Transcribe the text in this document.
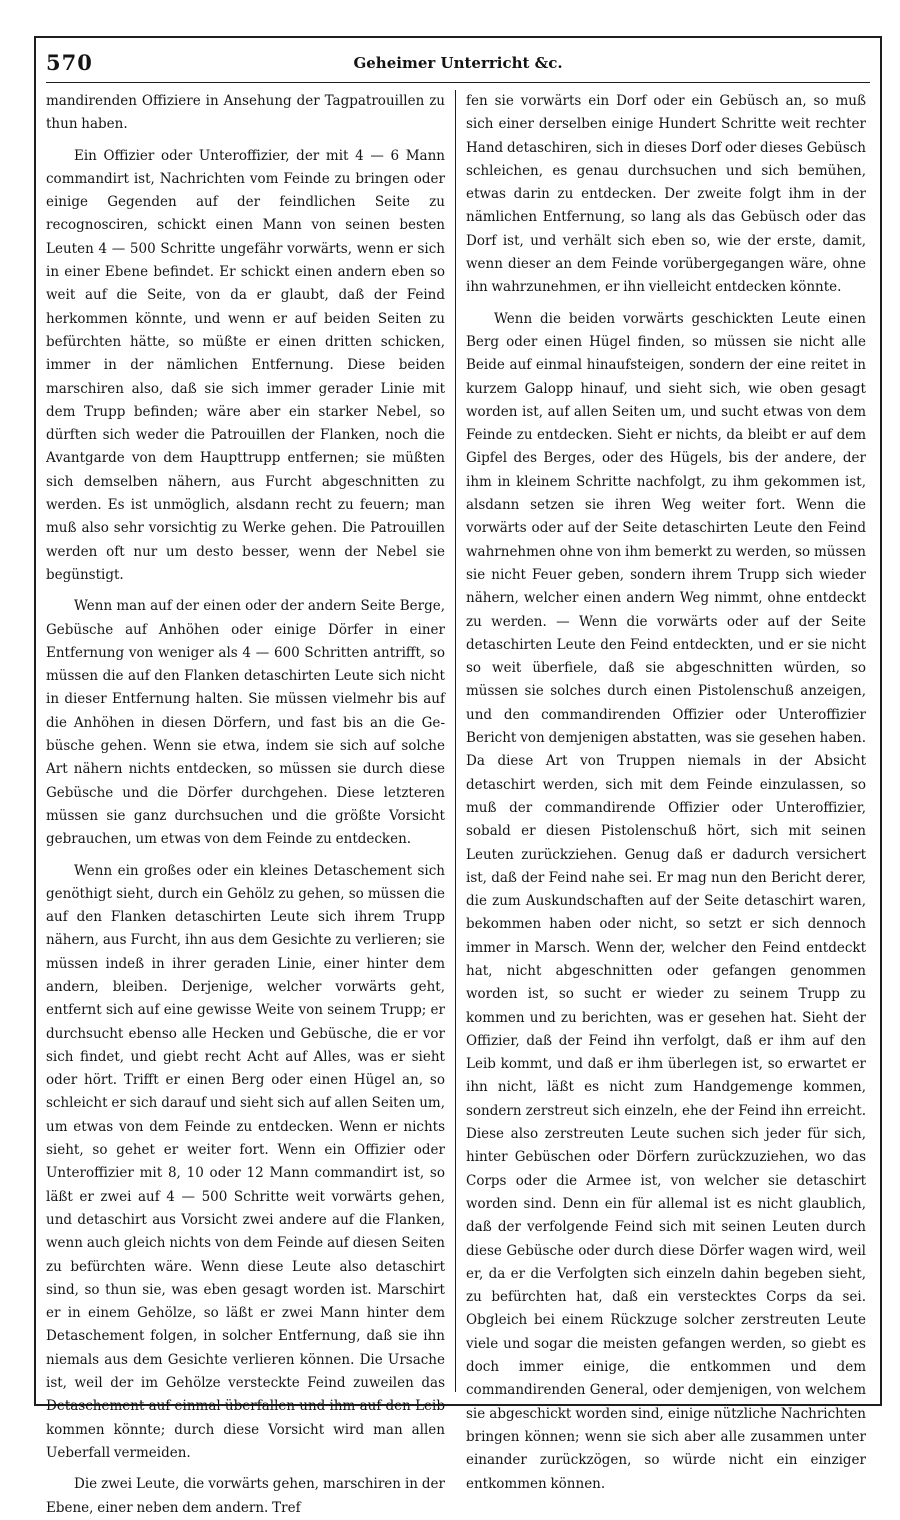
570	Geheimer Unterricht &c.

mandirenden Offiziere in Ansehung der Tagpatrouillen zu thun haben.

Ein Offizier oder Unteroffizier, der mit 4 — 6 Mann commandirt ist, Nachrichten vom Feinde zu bringen oder einige Gegenden auf der feindlichen Seite zu recognosciren, schickt einen Mann von seinen besten Leuten 4 — 500 Schritte ungefähr vorwärts, wenn er sich in einer Ebene befindet. Er schickt einen andern eben so weit auf die Seite, von da er glaubt, daß der Feind herkommen könnte, und wenn er auf beiden Seiten zu befürchten hätte, so müßte er einen dritten schicken, immer in der nämlichen Entfernung. Diese beiden marschiren also, daß sie sich immer gerader Linie mit dem Trupp befinden; wäre aber ein starker Nebel, so dürften sich weder die Patrouillen der Flanken, noch die Avantgarde von dem Haupttrupp entfernen; sie müßten sich demselben nähern, aus Furcht abgeschnitten zu werden. Es ist unmöglich, alsdann recht zu feuern; man muß also sehr vorsichtig zu Werke gehen. Die Patrouillen werden oft nur um desto besser, wenn der Nebel sie begünstigt.

Wenn man auf der einen oder der andern Seite Berge, Gebüsche auf Anhöhen oder einige Dörfer in einer Entfernung von weniger als 4 — 600 Schritten antrifft, so müssen die auf den Flanken detaschirten Leute sich nicht in dieser Entfernung halten. Sie müssen vielmehr bis auf die Anhöhen in diesen Dörfern, und fast bis an die Gebüsche gehen. Wenn sie etwa, indem sie sich auf solche Art nähern nichts entdecken, so müssen sie durch diese Gebüsche und die Dörfer durchgehen. Diese letzteren müssen sie ganz durchsuchen und die größte Vorsicht gebrauchen, um etwas von dem Feinde zu entdecken.

Wenn ein großes oder ein kleines Detaschement sich genöthigt sieht, durch ein Gehölz zu gehen, so müssen die auf den Flanken detaschirten Leute sich ihrem Trupp nähern, aus Furcht, ihn aus dem Gesichte zu verlieren; sie müssen indeß in ihrer geraden Linie, einer hinter dem andern, bleiben. Derjenige, welcher vorwärts geht, entfernt sich auf eine gewisse Weite von seinem Trupp; er durchsucht ebenso alle Hecken und Gebüsche, die er vor sich findet, und giebt recht Acht auf Alles, was er sieht oder hört. Trifft er einen Berg oder einen Hügel an, so schleicht er sich darauf und sieht sich auf allen Seiten um, um etwas von dem Feinde zu entdecken. Wenn er nichts sieht, so gehet er weiter fort. Wenn ein Offizier oder Unteroffizier mit 8, 10 oder 12 Mann commandirt ist, so läßt er zwei auf 4 — 500 Schritte weit vorwärts gehen, und detaschirt aus Vorsicht zwei andere auf die Flanken, wenn auch gleich nichts von dem Feinde auf diesen Seiten zu befürchten wäre. Wenn diese Leute also detaschirt sind, so thun sie, was eben gesagt worden ist. Marschirt er in einem Gehölze, so läßt er zwei Mann hinter dem Detaschement folgen, in solcher Entfernung, daß sie ihn niemals aus dem Gesichte verlieren können. Die Ursache ist, weil der im Gehölze versteckte Feind zuweilen das Detaschement auf einmal überfallen und ihm auf den Leib kommen könnte; durch diese Vorsicht wird man allen Ueberfall vermeiden.

Die zwei Leute, die vorwärts gehen, marschiren in der Ebene, einer neben dem andern. Tref

fen sie vorwärts ein Dorf oder ein Gebüsch an, so muß sich einer derselben einige Hundert Schritte weit rechter Hand detaschiren, sich in dieses Dorf oder dieses Gebüsch schleichen, es genau durchsuchen und sich bemühen, etwas darin zu entdecken. Der zweite folgt ihm in der nämlichen Entfernung, so lang als das Gebüsch oder das Dorf ist, und verhält sich eben so, wie der erste, damit, wenn dieser an dem Feinde vorübergegangen wäre, ohne ihn wahrzunehmen, er ihn vielleicht entdecken könnte.

Wenn die beiden vorwärts geschickten Leute einen Berg oder einen Hügel finden, so müssen sie nicht alle Beide auf einmal hinaufsteigen, sondern der eine reitet in kurzem Galopp hinauf, und sieht sich, wie oben gesagt worden ist, auf allen Seiten um, und sucht etwas von dem Feinde zu entdecken. Sieht er nichts, da bleibt er auf dem Gipfel des Berges, oder des Hügels, bis der andere, der ihm in kleinem Schritte nachfolgt, zu ihm gekommen ist, alsdann setzen sie ihren Weg weiter fort. Wenn die vorwärts oder auf der Seite detaschirten Leute den Feind wahrnehmen ohne von ihm bemerkt zu werden, so müssen sie nicht Feuer geben, sondern ihrem Trupp sich wieder nähern, welcher einen andern Weg nimmt, ohne entdeckt zu werden. — Wenn die vorwärts oder auf der Seite detaschirten Leute den Feind entdeckten, und er sie nicht so weit überfiele, daß sie abgeschnitten würden, so müssen sie solches durch einen Pistolenschuß anzeigen, und den commandirenden Offizier oder Unteroffizier Bericht von demjenigen abstatten, was sie gesehen haben. Da diese Art von Truppen niemals in der Absicht detaschirt werden, sich mit dem Feinde einzulassen, so muß der commandirende Offizier oder Unteroffizier, sobald er diesen Pistolenschuß hört, sich mit seinen Leuten zurückziehen. Genug daß er dadurch versichert ist, daß der Feind nahe sei. Er mag nun den Bericht derer, die zum Auskundschaften auf der Seite detaschirt waren, bekommen haben oder nicht, so setzt er sich dennoch immer in Marsch. Wenn der, welcher den Feind entdeckt hat, nicht abgeschnitten oder gefangen genommen worden ist, so sucht er wieder zu seinem Trupp zu kommen und zu berichten, was er gesehen hat. Sieht der Offizier, daß der Feind ihn verfolgt, daß er ihm auf den Leib kommt, und daß er ihm überlegen ist, so erwartet er ihn nicht, läßt es nicht zum Handgemenge kommen, sondern zerstreut sich einzeln, ehe der Feind ihn erreicht. Diese also zerstreuten Leute suchen sich jeder für sich, hinter Gebüschen oder Dörfern zurückzuziehen, wo das Corps oder die Armee ist, von welcher sie detaschirt worden sind. Denn ein für allemal ist es nicht glaublich, daß der verfolgende Feind sich mit seinen Leuten durch diese Gebüsche oder durch diese Dörfer wagen wird, weil er, da er die Verfolgten sich einzeln dahin begeben sieht, zu befürchten hat, daß ein verstecktes Corps da sei. Obgleich bei einem Rückzuge solcher zerstreuten Leute viele und sogar die meisten gefangen werden, so giebt es doch immer einige, die entkommen und dem commandirenden General, oder demjenigen, von welchem sie abgeschickt worden sind, einige nützliche Nachrichten bringen können; wenn sie sich aber alle zusammen unter einander zurückzögen, so würde nicht ein einziger entkommen können.
